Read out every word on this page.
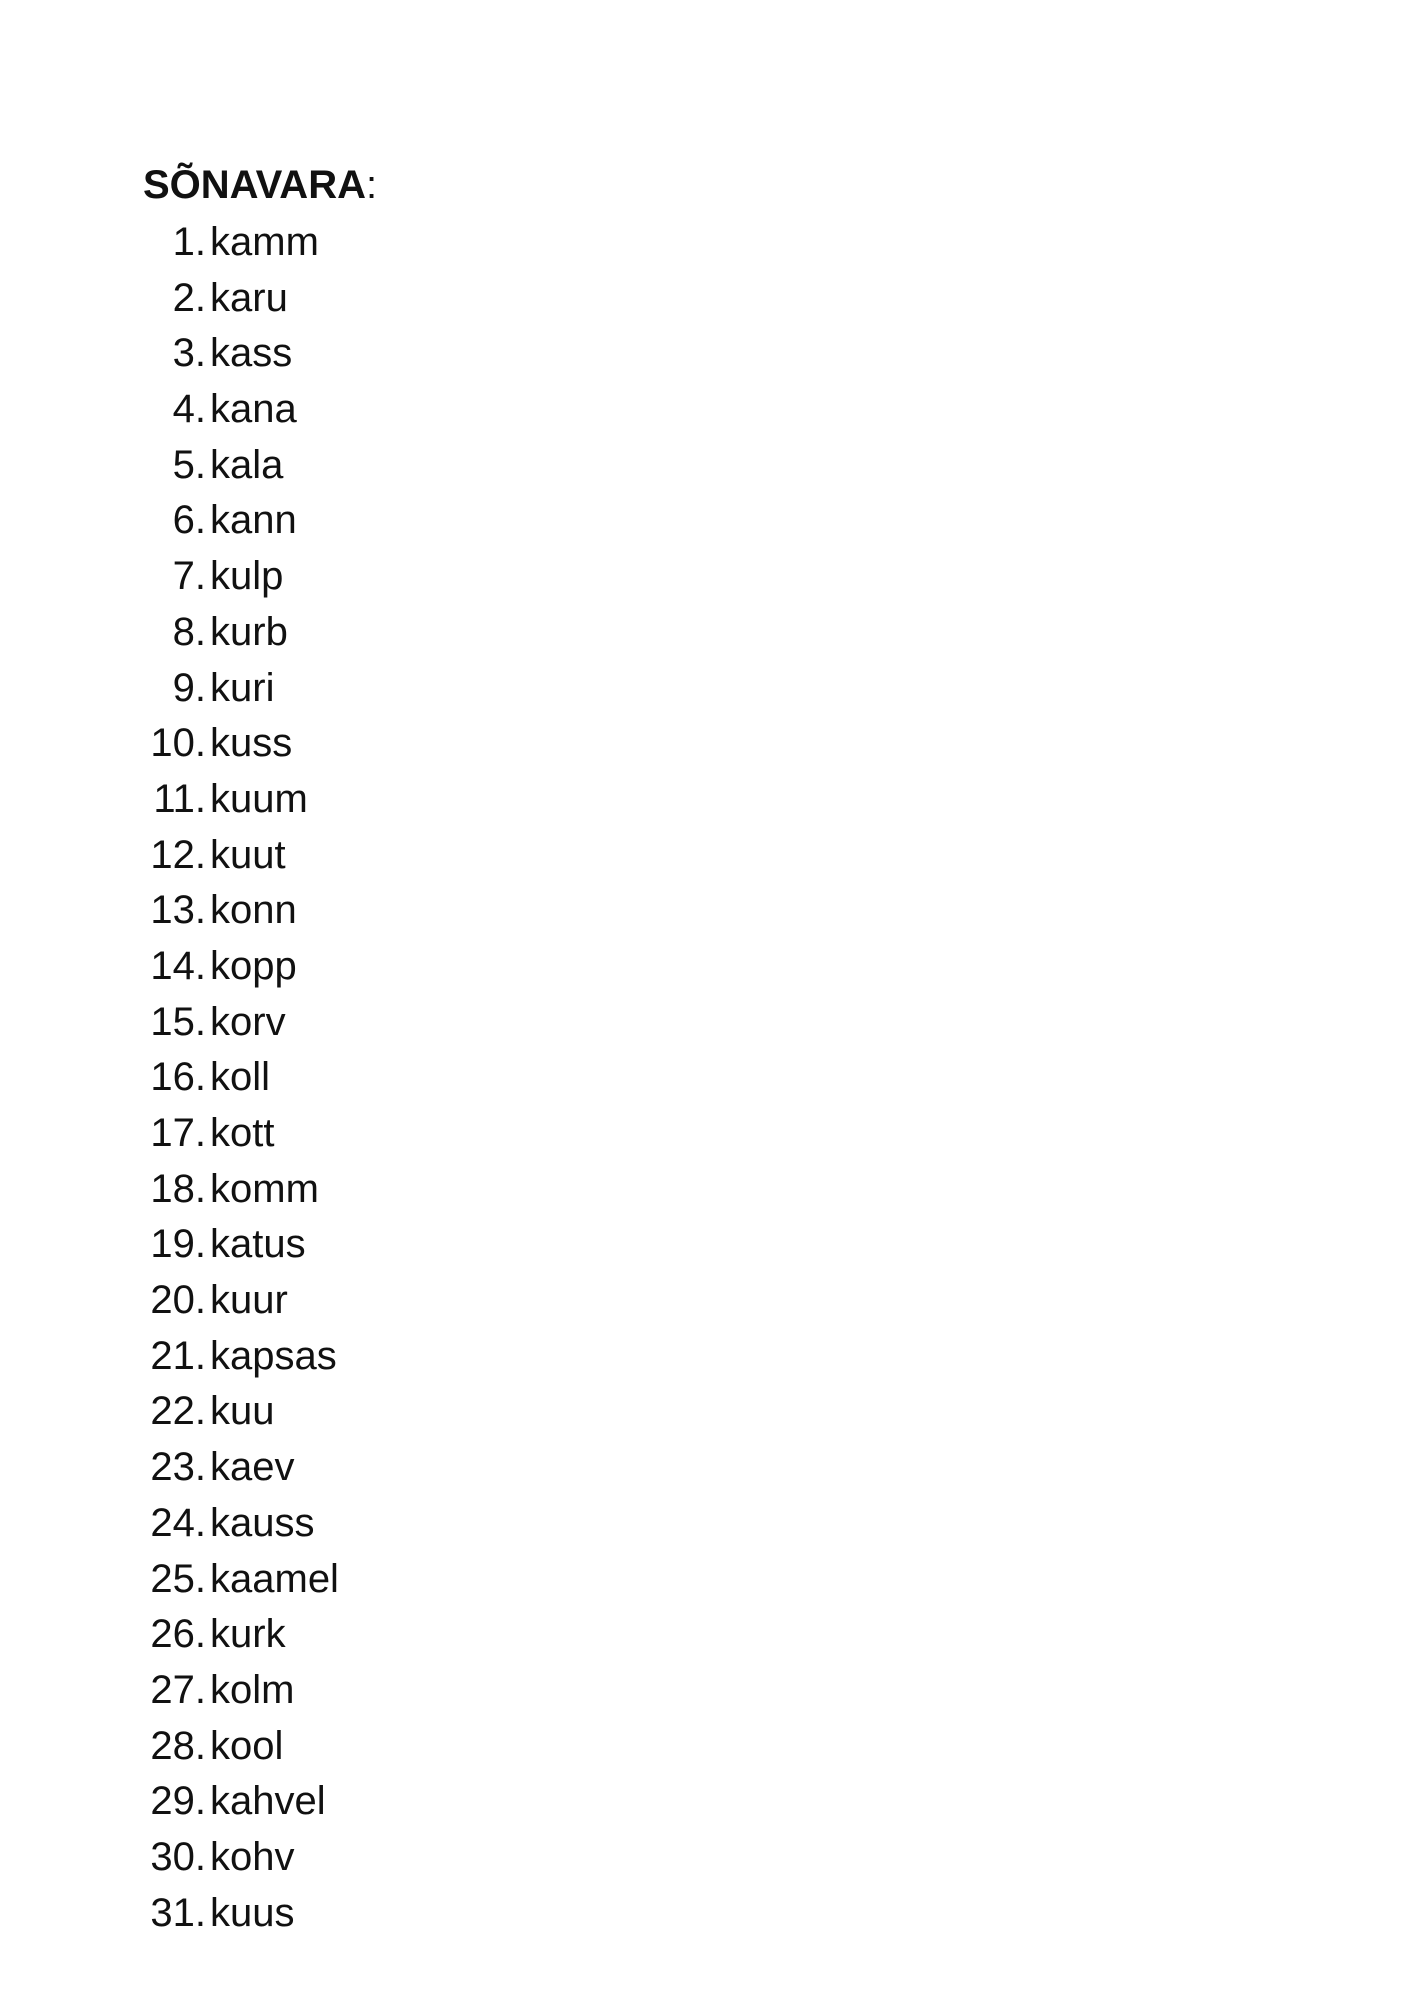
SÕNAVARA:
1. kamm
2. karu
3. kass
4. kana
5. kala
6. kann
7. kulp
8. kurb
9. kuri
10. kuss
11. kuum
12. kuut
13. konn
14. kopp
15. korv
16. koll
17. kott
18. komm
19. katus
20. kuur
21. kapsas
22. kuu
23. kaev
24. kauss
25. kaamel
26. kurk
27. kolm
28. kool
29. kahvel
30. kohv
31. kuus
